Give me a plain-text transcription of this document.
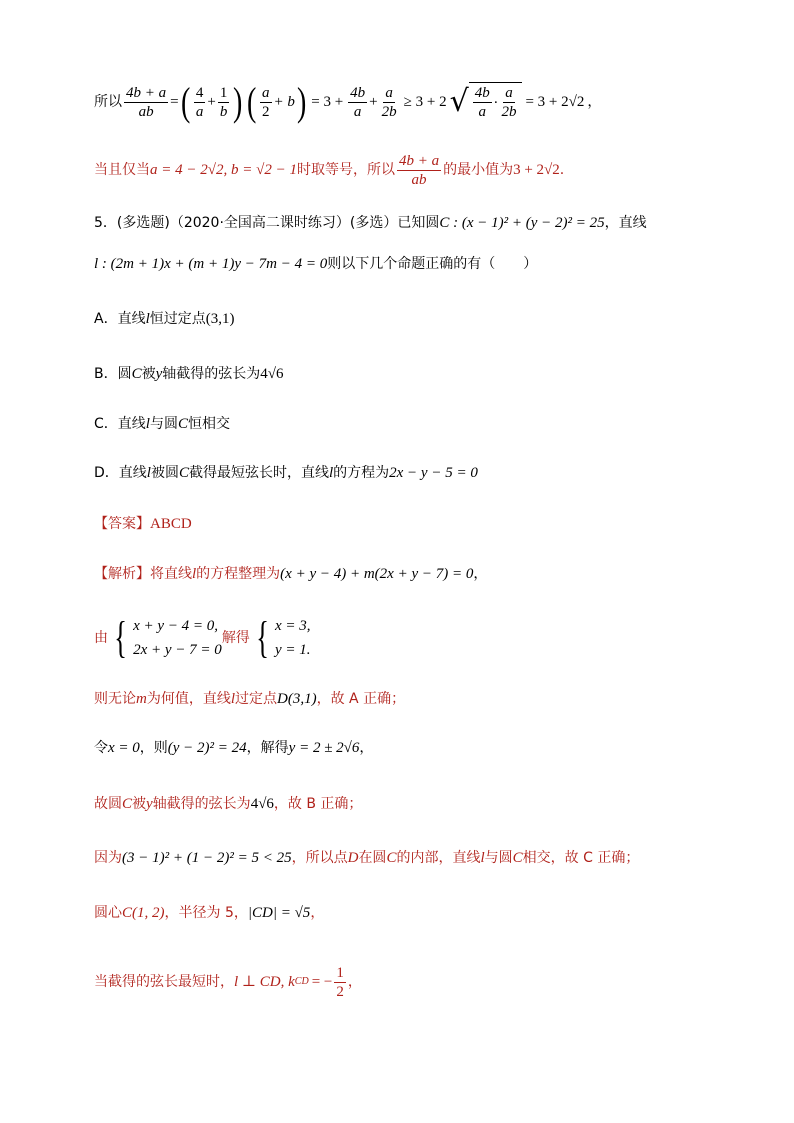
所以 $\frac{4b + a}{ab}$ = ( $\frac{4}{a} + \frac{1}{b}$ ) ( $\frac{a}{2} + b$ ) = $3 + \frac{4b}{a} + \frac{a}{2b} \ge 3 + 2$ √ $\frac{4b}{a} \cdot \frac{a}{2b} = 3 + 2√2$ ，
当且仅当 a = 4 − 2√2, b = √2 − 1 时取等号，所以 $\frac{4b + a}{ab}$ 的最小值为 3 + 2√2 .
5．(多选题)（2020·全国高二课时练习）(多选）已知圆 C : (x − 1)² + (y − 2)² = 25 ，直线
l : (2m + 1)x + (m + 1)y − 7m − 4 = 0 则以下几个命题正确的有（　　）
A．直线 l 恒过定点 (3,1)
B．圆 C 被 y 轴截得的弦长为 4√6
C．直线 l 与圆 C 恒相交
D．直线 l 被圆 C 截得最短弦长时，直线 l 的方程为 2x − y − 5 = 0
【答案】 ABCD
【解析】 将直线 l 的方程整理为 (x + y − 4) + m(2x + y − 7) = 0 ，
由 { x + y − 4 = 0,
2x + y − 7 = 0
解得 { x = 3,
y = 1.
则无论 m 为何值，直线 l 过定点 D(3,1) ，故 A 正确；
令 x = 0 ，则 (y − 2)² = 24 ，解得 y = 2 ± 2√6 ，
故圆 C 被 y 轴截得的弦长为 4√6 ，故 B 正确；
因为 (3 − 1)² + (1 − 2)² = 5 < 25 ，所以点 D 在圆 C 的内部，直线 l 与圆 C 相交，故 C 正确；
圆心 C(1, 2) ，半径为 5， |CD| = √5 ，
当截得的弦长最短时， l ⊥ CD, k CD = − $\frac{1}{2}$ ，
